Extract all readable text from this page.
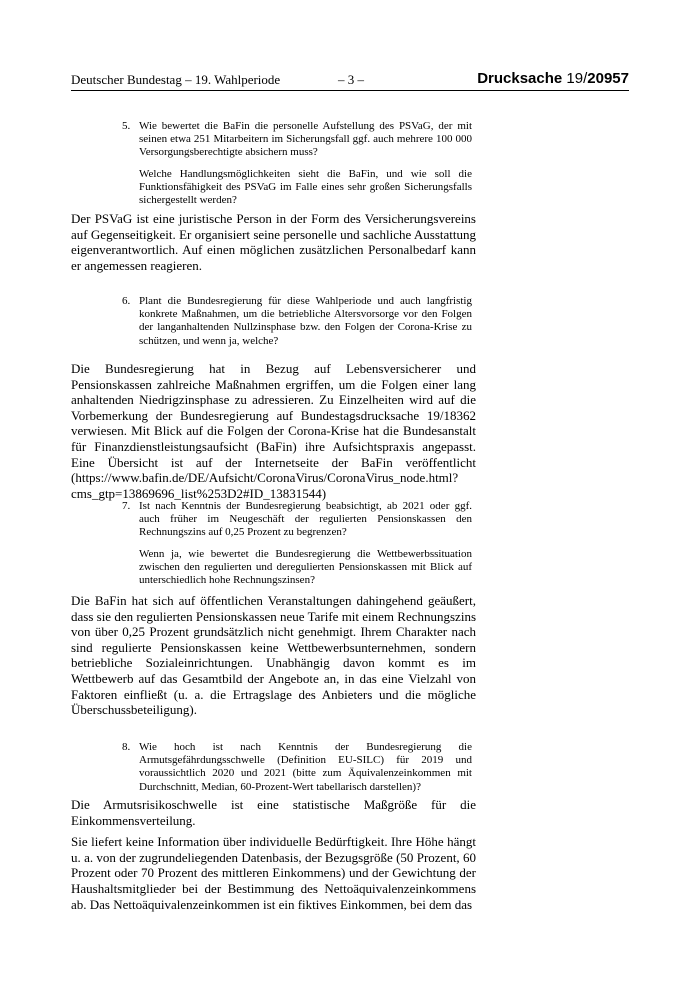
Deutscher Bundestag – 19. Wahlperiode	– 3 –	Drucksache 19/20957
5. Wie bewertet die BaFin die personelle Aufstellung des PSVaG, der mit seinen etwa 251 Mitarbeitern im Sicherungsfall ggf. auch mehrere 100 000 Versorgungsberechtigte absichern muss?

Welche Handlungsmöglichkeiten sieht die BaFin, und wie soll die Funktionsfähigkeit des PSVaG im Falle eines sehr großen Sicherungsfalls sichergestellt werden?

Der PSVaG ist eine juristische Person in der Form des Versicherungsvereins auf Gegenseitigkeit. Er organisiert seine personelle und sachliche Ausstattung eigenverantwortlich. Auf einen möglichen zusätzlichen Personalbedarf kann er angemessen reagieren.

6. Plant die Bundesregierung für diese Wahlperiode und auch langfristig konkrete Maßnahmen, um die betriebliche Altersvorsorge vor den Folgen der langanhaltenden Nullzinsphase bzw. den Folgen der Corona-Krise zu schützen, und wenn ja, welche?

Die Bundesregierung hat in Bezug auf Lebensversicherer und Pensionskassen zahlreiche Maßnahmen ergriffen, um die Folgen einer lang anhaltenden Niedrigzinsphase zu adressieren. Zu Einzelheiten wird auf die Vorbemerkung der Bundesregierung auf Bundestagsdrucksache 19/18362 verwiesen. Mit Blick auf die Folgen der Corona-Krise hat die Bundesanstalt für Finanzdienstleistungsaufsicht (BaFin) ihre Aufsichtspraxis angepasst. Eine Übersicht ist auf der Internetseite der BaFin veröffentlicht (https://www.bafin.de/DE/Aufsicht/CoronaVirus/CoronaVirus_node.html?cms_gtp=13869696_list%253D2#ID_13831544)

7. Ist nach Kenntnis der Bundesregierung beabsichtigt, ab 2021 oder ggf. auch früher im Neugeschäft der regulierten Pensionskassen den Rechnungszins auf 0,25 Prozent zu begrenzen?

Wenn ja, wie bewertet die Bundesregierung die Wettbewerbssituation zwischen den regulierten und deregulierten Pensionskassen mit Blick auf unterschiedlich hohe Rechnungszinsen?

Die BaFin hat sich auf öffentlichen Veranstaltungen dahingehend geäußert, dass sie den regulierten Pensionskassen neue Tarife mit einem Rechnungszins von über 0,25 Prozent grundsätzlich nicht genehmigt. Ihrem Charakter nach sind regulierte Pensionskassen keine Wettbewerbsunternehmen, sondern betriebliche Sozialeinrichtungen. Unabhängig davon kommt es im Wettbewerb auf das Gesamtbild der Angebote an, in das eine Vielzahl von Faktoren einfließt (u. a. die Ertragslage des Anbieters und die mögliche Überschussbeteiligung).

8. Wie hoch ist nach Kenntnis der Bundesregierung die Armutsgefährdungsschwelle (Definition EU-SILC) für 2019 und voraussichtlich 2020 und 2021 (bitte zum Äquivalenzeinkommen mit Durchschnitt, Median, 60-Prozent-Wert tabellarisch darstellen)?

Die Armutsrisikoschwelle ist eine statistische Maßgröße für die Einkommensverteilung.

Sie liefert keine Information über individuelle Bedürftigkeit. Ihre Höhe hängt u. a. von der zugrundeliegenden Datenbasis, der Bezugsgröße (50 Prozent, 60 Prozent oder 70 Prozent des mittleren Einkommens) und der Gewichtung der Haushaltsmitglieder bei der Bestimmung des Nettoäquivalenzeinkommens ab. Das Nettoäquivalenzeinkommen ist ein fiktives Einkommen, bei dem das
